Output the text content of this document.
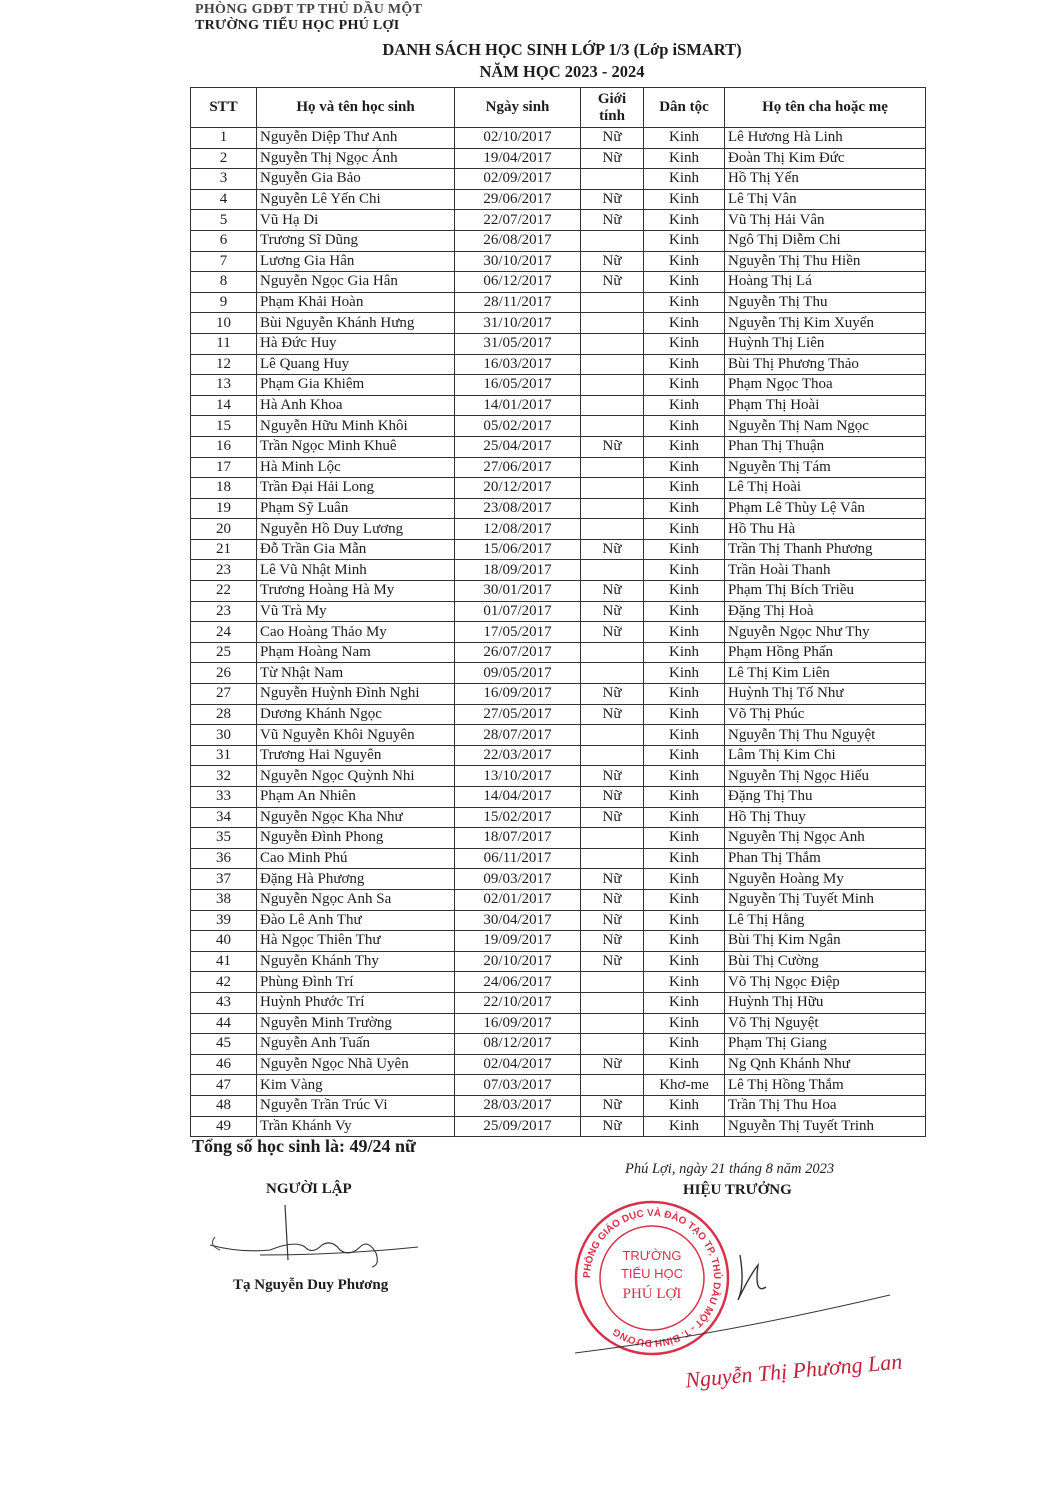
PHÒNG GDĐT TP THỦ DẦU MỘT
TRƯỜNG TIỂU HỌC PHÚ LỢI
DANH SÁCH HỌC SINH LỚP 1/3 (Lớp iSMART)
NĂM HỌC 2023 - 2024
STT	Họ và tên học sinh	Ngày sinh	Giới tính	Dân tộc	Họ tên cha hoặc mẹ
1	Nguyễn Diệp Thư Anh	02/10/2017	Nữ	Kinh	Lê Hương Hà Linh
2	Nguyễn Thị Ngọc Ánh	19/04/2017	Nữ	Kinh	Đoàn Thị Kim Đức
3	Nguyễn Gia Bảo	02/09/2017		Kinh	Hồ Thị Yến
4	Nguyễn Lê Yến Chi	29/06/2017	Nữ	Kinh	Lê Thị Vân
5	Vũ Hạ Di	22/07/2017	Nữ	Kinh	Vũ Thị Hải Vân
6	Trương Sĩ Dũng	26/08/2017		Kinh	Ngô Thị Diễm Chi
7	Lương Gia Hân	30/10/2017	Nữ	Kinh	Nguyễn Thị Thu Hiền
8	Nguyễn Ngọc Gia Hân	06/12/2017	Nữ	Kinh	Hoàng Thị Lá
9	Phạm Khải Hoàn	28/11/2017		Kinh	Nguyễn Thị Thu
10	Bùi Nguyễn Khánh Hưng	31/10/2017		Kinh	Nguyễn Thị Kim Xuyến
11	Hà Đức Huy	31/05/2017		Kinh	Huỳnh Thị Liên
12	Lê Quang Huy	16/03/2017		Kinh	Bùi Thị Phương Thảo
13	Phạm Gia Khiêm	16/05/2017		Kinh	Phạm Ngọc Thoa
14	Hà Anh Khoa	14/01/2017		Kinh	Phạm Thị Hoài
15	Nguyễn Hữu Minh Khôi	05/02/2017		Kinh	Nguyễn Thị Nam Ngọc
16	Trần Ngọc Minh Khuê	25/04/2017	Nữ	Kinh	Phan Thị Thuận
17	Hà Minh Lộc	27/06/2017		Kinh	Nguyễn Thị Tám
18	Trần Đại Hải Long	20/12/2017		Kinh	Lê Thị Hoài
19	Phạm Sỹ Luân	23/08/2017		Kinh	Phạm Lê Thùy Lệ Vân
20	Nguyễn Hồ Duy Lương	12/08/2017		Kinh	Hồ Thu Hà
21	Đỗ Trần Gia Mẫn	15/06/2017	Nữ	Kinh	Trần Thị Thanh Phương
23	Lê Vũ Nhật Minh	18/09/2017		Kinh	Trần Hoài Thanh
22	Trương Hoàng Hà My	30/01/2017	Nữ	Kinh	Phạm Thị Bích Triều
23	Vũ Trà My	01/07/2017	Nữ	Kinh	Đặng Thị Hoà
24	Cao Hoàng Thảo My	17/05/2017	Nữ	Kinh	Nguyễn Ngọc Như Thy
25	Phạm Hoàng Nam	26/07/2017		Kinh	Phạm Hồng Phấn
26	Từ Nhật Nam	09/05/2017		Kinh	Lê Thị Kim Liên
27	Nguyễn Huỳnh Đình Nghi	16/09/2017	Nữ	Kinh	Huỳnh Thị Tố Như
28	Dương Khánh Ngọc	27/05/2017	Nữ	Kinh	Võ Thị Phúc
30	Vũ Nguyễn Khôi Nguyên	28/07/2017		Kinh	Nguyễn Thị Thu Nguyệt
31	Trương Hai Nguyên	22/03/2017		Kinh	Lâm Thị Kim Chi
32	Nguyễn Ngọc Quỳnh Nhi	13/10/2017	Nữ	Kinh	Nguyễn Thị Ngọc Hiếu
33	Phạm An Nhiên	14/04/2017	Nữ	Kinh	Đặng Thị Thu
34	Nguyễn Ngọc Kha Như	15/02/2017	Nữ	Kinh	Hồ Thị Thuy
35	Nguyễn Đình Phong	18/07/2017		Kinh	Nguyễn Thị Ngọc Anh
36	Cao Minh Phú	06/11/2017		Kinh	Phan Thị Thắm
37	Đặng Hà Phương	09/03/2017	Nữ	Kinh	Nguyễn Hoàng My
38	Nguyễn Ngọc Anh Sa	02/01/2017	Nữ	Kinh	Nguyễn Thị Tuyết Minh
39	Đào Lê Anh Thư	30/04/2017	Nữ	Kinh	Lê Thị Hằng
40	Hà Ngọc Thiên Thư	19/09/2017	Nữ	Kinh	Bùi Thị Kim Ngân
41	Nguyễn Khánh Thy	20/10/2017	Nữ	Kinh	Bùi Thị Cường
42	Phùng Đình Trí	24/06/2017		Kinh	Võ Thị Ngọc Điệp
43	Huỳnh Phước Trí	22/10/2017		Kinh	Huỳnh Thị Hữu
44	Nguyễn Minh Trường	16/09/2017		Kinh	Võ Thị Nguyệt
45	Nguyễn Anh Tuấn	08/12/2017		Kinh	Phạm Thị Giang
46	Nguyễn Ngọc Nhã Uyên	02/04/2017	Nữ	Kinh	Ng Qnh Khánh Như
47	Kim Vàng	07/03/2017		Khơ-me	Lê Thị Hồng Thắm
48	Nguyễn Trần Trúc Vi	28/03/2017	Nữ	Kinh	Trần Thị Thu Hoa
49	Trần Khánh Vy	25/09/2017	Nữ	Kinh	Nguyễn Thị Tuyết Trinh
Tổng số học sinh là: 49/24 nữ
Phú Lợi, ngày 21 tháng 8 năm 2023
NGƯỜI LẬP	HIỆU TRƯỞNG
Tạ Nguyễn Duy Phương
PHÒNG GIÁO DỤC VÀ ĐÀO TẠO TP. THỦ DẦU MỘT - T. BÌNH DƯƠNG
TRƯỜNG
TIỂU HỌC
PHÚ LỢI
Nguyễn Thị Phương Lan
